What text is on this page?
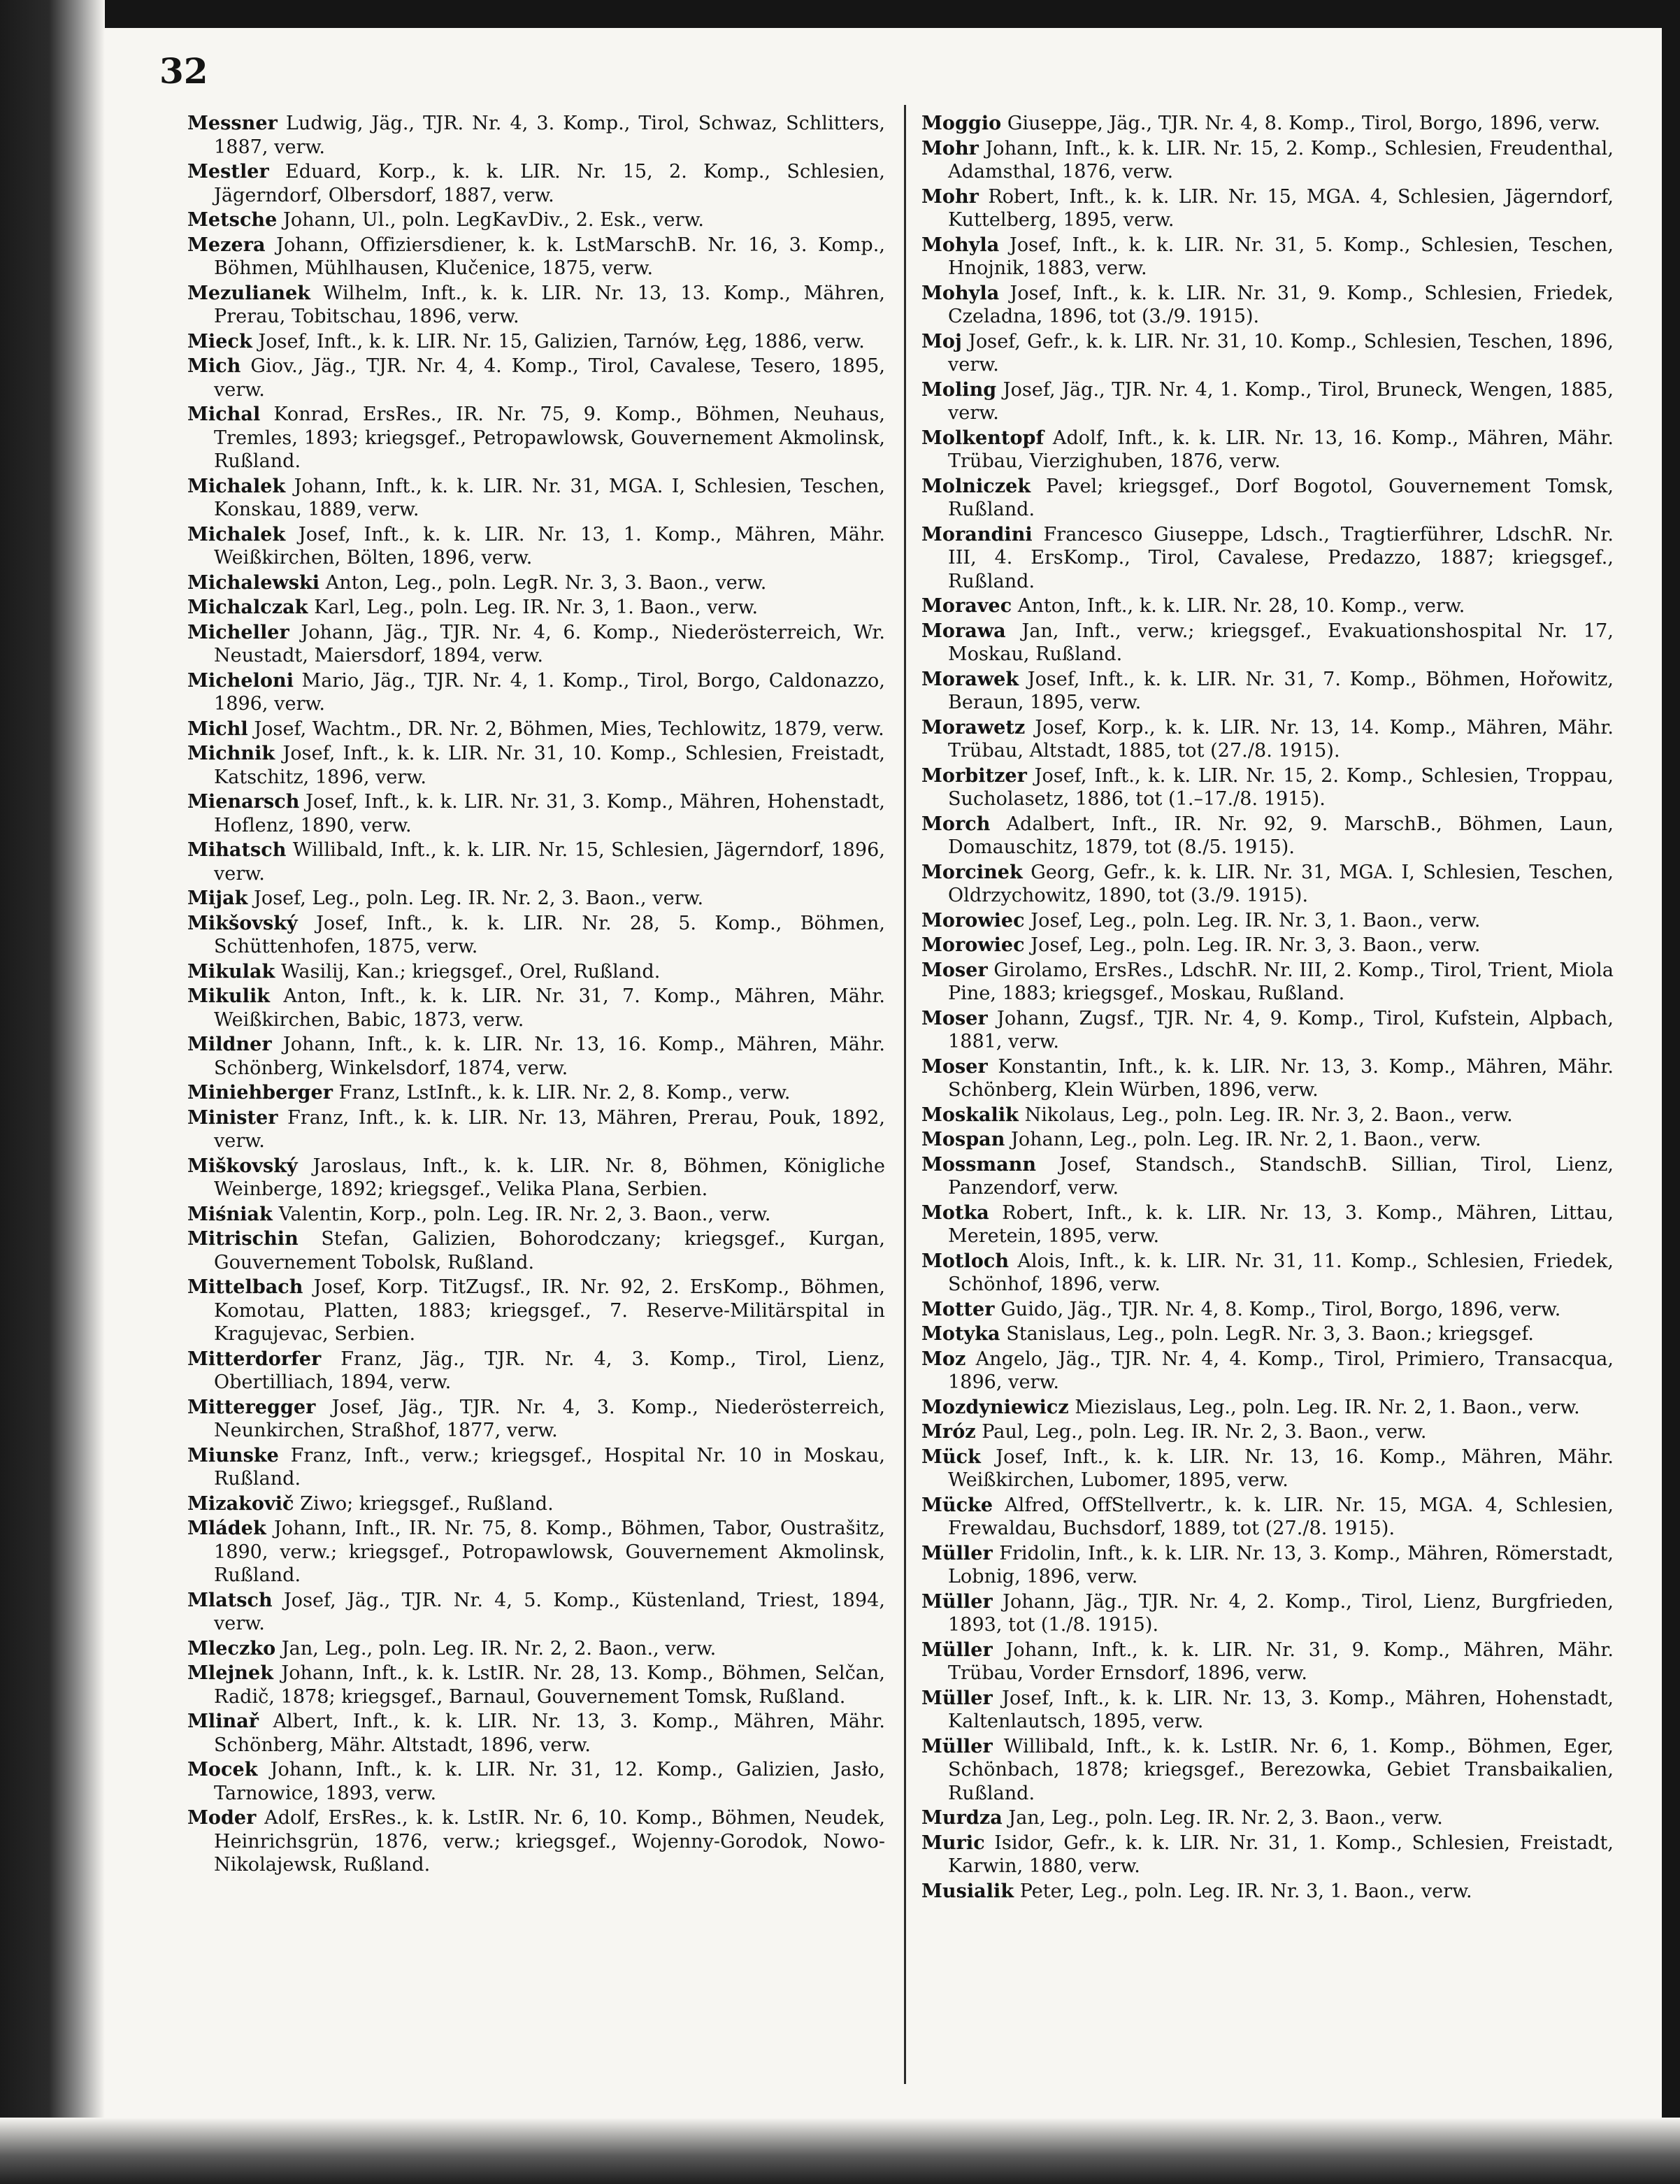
32

Messner Ludwig, Jäg., TJR. Nr. 4, 3. Komp., Tirol, Schwaz, Schlitters, 1887, verw.

Mestler Eduard, Korp., k. k. LIR. Nr. 15, 2. Komp., Schlesien, Jägerndorf, Olbersdorf, 1887, verw.

Metsche Johann, Ul., poln. LegKavDiv., 2. Esk., verw.

Mezera Johann, Offiziersdiener, k. k. LstMarschB. Nr. 16, 3. Komp., Böhmen, Mühlhausen, Klučenice, 1875, verw.

Mezulianek Wilhelm, Inft., k. k. LIR. Nr. 13, 13. Komp., Mähren, Prerau, Tobitschau, 1896, verw.

Mieck Josef, Inft., k. k. LIR. Nr. 15, Galizien, Tarnów, Łęg, 1886, verw.

Mich Giov., Jäg., TJR. Nr. 4, 4. Komp., Tirol, Cavalese, Tesero, 1895, verw.

Michal Konrad, ErsRes., IR. Nr. 75, 9. Komp., Böhmen, Neuhaus, Tremles, 1893; kriegsgef., Petropawlowsk, Gouvernement Akmolinsk, Rußland.

Michalek Johann, Inft., k. k. LIR. Nr. 31, MGA. I, Schlesien, Teschen, Konskau, 1889, verw.

Michalek Josef, Inft., k. k. LIR. Nr. 13, 1. Komp., Mähren, Mähr. Weißkirchen, Bölten, 1896, verw.

Michalewski Anton, Leg., poln. LegR. Nr. 3, 3. Baon., verw.

Michalczak Karl, Leg., poln. Leg. IR. Nr. 3, 1. Baon., verw.

Micheller Johann, Jäg., TJR. Nr. 4, 6. Komp., Niederösterreich, Wr. Neustadt, Maiersdorf, 1894, verw.

Micheloni Mario, Jäg., TJR. Nr. 4, 1. Komp., Tirol, Borgo, Caldonazzo, 1896, verw.

Michl Josef, Wachtm., DR. Nr. 2, Böhmen, Mies, Techlowitz, 1879, verw.

Michnik Josef, Inft., k. k. LIR. Nr. 31, 10. Komp., Schlesien, Freistadt, Katschitz, 1896, verw.

Mienarsch Josef, Inft., k. k. LIR. Nr. 31, 3. Komp., Mähren, Hohenstadt, Hoflenz, 1890, verw.

Mihatsch Willibald, Inft., k. k. LIR. Nr. 15, Schlesien, Jägerndorf, 1896, verw.

Mijak Josef, Leg., poln. Leg. IR. Nr. 2, 3. Baon., verw.

Mikšovský Josef, Inft., k. k. LIR. Nr. 28, 5. Komp., Böhmen, Schüttenhofen, 1875, verw.

Mikulak Wasilij, Kan.; kriegsgef., Orel, Rußland.

Mikulik Anton, Inft., k. k. LIR. Nr. 31, 7. Komp., Mähren, Mähr. Weißkirchen, Babic, 1873, verw.

Mildner Johann, Inft., k. k. LIR. Nr. 13, 16. Komp., Mähren, Mähr. Schönberg, Winkelsdorf, 1874, verw.

Miniehberger Franz, LstInft., k. k. LIR. Nr. 2, 8. Komp., verw.

Minister Franz, Inft., k. k. LIR. Nr. 13, Mähren, Prerau, Pouk, 1892, verw.

Miškovský Jaroslaus, Inft., k. k. LIR. Nr. 8, Böhmen, Königliche Weinberge, 1892; kriegsgef., Velika Plana, Serbien.

Miśniak Valentin, Korp., poln. Leg. IR. Nr. 2, 3. Baon., verw.

Mitrischin Stefan, Galizien, Bohorodczany; kriegsgef., Kurgan, Gouvernement Tobolsk, Rußland.

Mittelbach Josef, Korp. TitZugsf., IR. Nr. 92, 2. ErsKomp., Böhmen, Komotau, Platten, 1883; kriegsgef., 7. Reserve-Militärspital in Kragujevac, Serbien.

Mitterdorfer Franz, Jäg., TJR. Nr. 4, 3. Komp., Tirol, Lienz, Obertilliach, 1894, verw.

Mitteregger Josef, Jäg., TJR. Nr. 4, 3. Komp., Niederösterreich, Neunkirchen, Straßhof, 1877, verw.

Miunske Franz, Inft., verw.; kriegsgef., Hospital Nr. 10 in Moskau, Rußland.

Mizakovič Ziwo; kriegsgef., Rußland.

Mládek Johann, Inft., IR. Nr. 75, 8. Komp., Böhmen, Tabor, Oustrašitz, 1890, verw.; kriegsgef., Potropawlowsk, Gouvernement Akmolinsk, Rußland.

Mlatsch Josef, Jäg., TJR. Nr. 4, 5. Komp., Küstenland, Triest, 1894, verw.

Mleczko Jan, Leg., poln. Leg. IR. Nr. 2, 2. Baon., verw.

Mlejnek Johann, Inft., k. k. LstIR. Nr. 28, 13. Komp., Böhmen, Selčan, Radič, 1878; kriegsgef., Barnaul, Gouvernement Tomsk, Rußland.

Mlinař Albert, Inft., k. k. LIR. Nr. 13, 3. Komp., Mähren, Mähr. Schönberg, Mähr. Altstadt, 1896, verw.

Mocek Johann, Inft., k. k. LIR. Nr. 31, 12. Komp., Galizien, Jasło, Tarnowice, 1893, verw.

Moder Adolf, ErsRes., k. k. LstIR. Nr. 6, 10. Komp., Böhmen, Neudek, Heinrichsgrün, 1876, verw.; kriegsgef., Wojenny-Gorodok, Nowo-Nikolajewsk, Rußland.

Moggio Giuseppe, Jäg., TJR. Nr. 4, 8. Komp., Tirol, Borgo, 1896, verw.

Mohr Johann, Inft., k. k. LIR. Nr. 15, 2. Komp., Schlesien, Freudenthal, Adamsthal, 1876, verw.

Mohr Robert, Inft., k. k. LIR. Nr. 15, MGA. 4, Schlesien, Jägerndorf, Kuttelberg, 1895, verw.

Mohyla Josef, Inft., k. k. LIR. Nr. 31, 5. Komp., Schlesien, Teschen, Hnojnik, 1883, verw.

Mohyla Josef, Inft., k. k. LIR. Nr. 31, 9. Komp., Schlesien, Friedek, Czeladna, 1896, tot (3./9. 1915).

Moj Josef, Gefr., k. k. LIR. Nr. 31, 10. Komp., Schlesien, Teschen, 1896, verw.

Moling Josef, Jäg., TJR. Nr. 4, 1. Komp., Tirol, Bruneck, Wengen, 1885, verw.

Molkentopf Adolf, Inft., k. k. LIR. Nr. 13, 16. Komp., Mähren, Mähr. Trübau, Vierzighuben, 1876, verw.

Molniczek Pavel; kriegsgef., Dorf Bogotol, Gouvernement Tomsk, Rußland.

Morandini Francesco Giuseppe, Ldsch., Tragtierführer, LdschR. Nr. III, 4. ErsKomp., Tirol, Cavalese, Predazzo, 1887; kriegsgef., Rußland.

Moravec Anton, Inft., k. k. LIR. Nr. 28, 10. Komp., verw.

Morawa Jan, Inft., verw.; kriegsgef., Evakuationshospital Nr. 17, Moskau, Rußland.

Morawek Josef, Inft., k. k. LIR. Nr. 31, 7. Komp., Böhmen, Hořowitz, Beraun, 1895, verw.

Morawetz Josef, Korp., k. k. LIR. Nr. 13, 14. Komp., Mähren, Mähr. Trübau, Altstadt, 1885, tot (27./8. 1915).

Morbitzer Josef, Inft., k. k. LIR. Nr. 15, 2. Komp., Schlesien, Troppau, Sucholasetz, 1886, tot (1.–17./8. 1915).

Morch Adalbert, Inft., IR. Nr. 92, 9. MarschB., Böhmen, Laun, Domauschitz, 1879, tot (8./5. 1915).

Morcinek Georg, Gefr., k. k. LIR. Nr. 31, MGA. I, Schlesien, Teschen, Oldrzychowitz, 1890, tot (3./9. 1915).

Morowiec Josef, Leg., poln. Leg. IR. Nr. 3, 1. Baon., verw.

Morowiec Josef, Leg., poln. Leg. IR. Nr. 3, 3. Baon., verw.

Moser Girolamo, ErsRes., LdschR. Nr. III, 2. Komp., Tirol, Trient, Miola Pine, 1883; kriegsgef., Moskau, Rußland.

Moser Johann, Zugsf., TJR. Nr. 4, 9. Komp., Tirol, Kufstein, Alpbach, 1881, verw.

Moser Konstantin, Inft., k. k. LIR. Nr. 13, 3. Komp., Mähren, Mähr. Schönberg, Klein Würben, 1896, verw.

Moskalik Nikolaus, Leg., poln. Leg. IR. Nr. 3, 2. Baon., verw.

Mospan Johann, Leg., poln. Leg. IR. Nr. 2, 1. Baon., verw.

Mossmann Josef, Standsch., StandschB. Sillian, Tirol, Lienz, Panzendorf, verw.

Motka Robert, Inft., k. k. LIR. Nr. 13, 3. Komp., Mähren, Littau, Meretein, 1895, verw.

Motloch Alois, Inft., k. k. LIR. Nr. 31, 11. Komp., Schlesien, Friedek, Schönhof, 1896, verw.

Motter Guido, Jäg., TJR. Nr. 4, 8. Komp., Tirol, Borgo, 1896, verw.

Motyka Stanislaus, Leg., poln. LegR. Nr. 3, 3. Baon.; kriegsgef.

Moz Angelo, Jäg., TJR. Nr. 4, 4. Komp., Tirol, Primiero, Transacqua, 1896, verw.

Mozdyniewicz Miezislaus, Leg., poln. Leg. IR. Nr. 2, 1. Baon., verw.

Mróz Paul, Leg., poln. Leg. IR. Nr. 2, 3. Baon., verw.

Mück Josef, Inft., k. k. LIR. Nr. 13, 16. Komp., Mähren, Mähr. Weißkirchen, Lubomer, 1895, verw.

Mücke Alfred, OffStellvertr., k. k. LIR. Nr. 15, MGA. 4, Schlesien, Frewaldau, Buchsdorf, 1889, tot (27./8. 1915).

Müller Fridolin, Inft., k. k. LIR. Nr. 13, 3. Komp., Mähren, Römerstadt, Lobnig, 1896, verw.

Müller Johann, Jäg., TJR. Nr. 4, 2. Komp., Tirol, Lienz, Burgfrieden, 1893, tot (1./8. 1915).

Müller Johann, Inft., k. k. LIR. Nr. 31, 9. Komp., Mähren, Mähr. Trübau, Vorder Ernsdorf, 1896, verw.

Müller Josef, Inft., k. k. LIR. Nr. 13, 3. Komp., Mähren, Hohenstadt, Kaltenlautsch, 1895, verw.

Müller Willibald, Inft., k. k. LstIR. Nr. 6, 1. Komp., Böhmen, Eger, Schönbach, 1878; kriegsgef., Berezowka, Gebiet Transbaikalien, Rußland.

Murdza Jan, Leg., poln. Leg. IR. Nr. 2, 3. Baon., verw.

Muric Isidor, Gefr., k. k. LIR. Nr. 31, 1. Komp., Schlesien, Freistadt, Karwin, 1880, verw.

Musialik Peter, Leg., poln. Leg. IR. Nr. 3, 1. Baon., verw.
